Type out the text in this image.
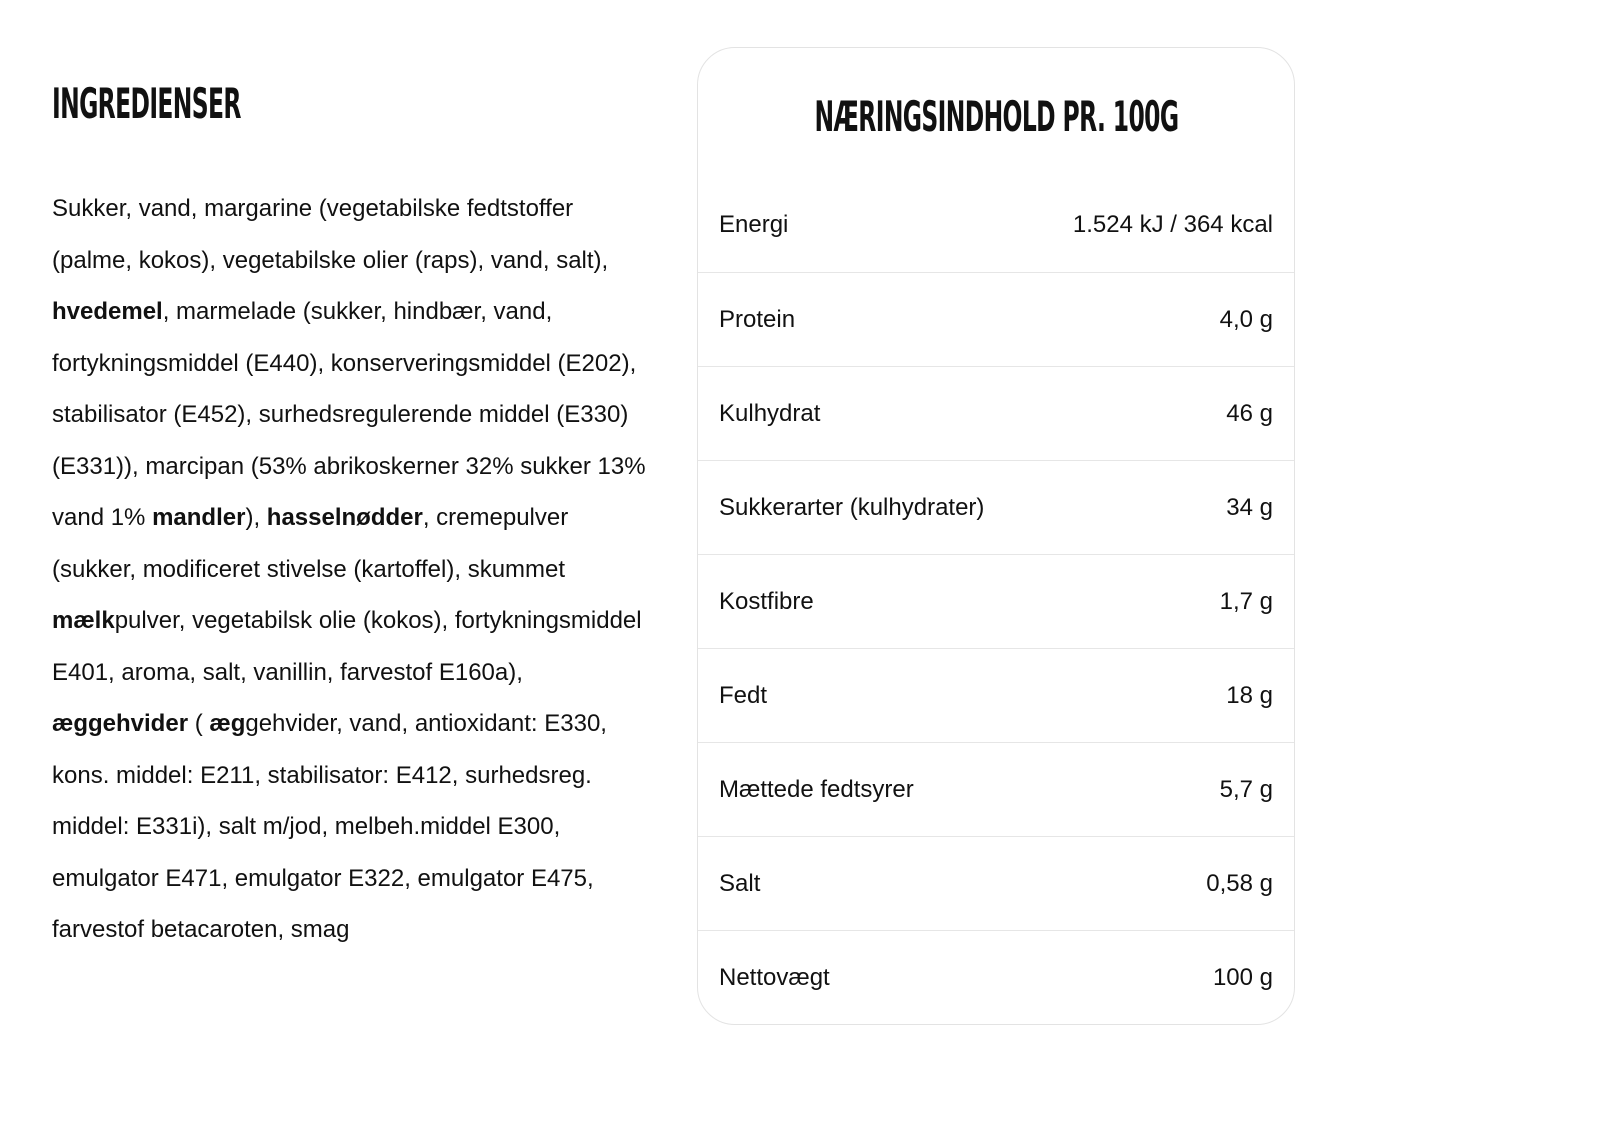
INGREDIENSER

Sukker, vand, margarine (vegetabilske fedtstoffer (palme, kokos), vegetabilske olier (raps), vand, salt), hvedemel, marmelade (sukker, hindbær, vand, fortykningsmiddel (E440), konserveringsmiddel (E202), stabilisator (E452), surhedsregulerende middel (E330) (E331)), marcipan (53% abrikoskerner 32% sukker 13% vand 1% mandler), hasselnødder, cremepulver (sukker, modificeret stivelse (kartoffel), skummet mælkpulver, vegetabilsk olie (kokos), fortykningsmiddel E401, aroma, salt, vanillin, farvestof E160a), æggehvider ( æggehvider, vand, antioxidant: E330, kons. middel: E211, stabilisator: E412, surhedsreg. middel: E331i), salt m/jod, melbeh.middel E300, emulgator E471, emulgator E322, emulgator E475, farvestof betacaroten, smag

NÆRINGSINDHOLD PR. 100G
Energi	1.524 kJ / 364 kcal
Protein	4,0 g
Kulhydrat	46 g
Sukkerarter (kulhydrater)	34 g
Kostfibre	1,7 g
Fedt	18 g
Mættede fedtsyrer	5,7 g
Salt	0,58 g
Nettovægt	100 g
